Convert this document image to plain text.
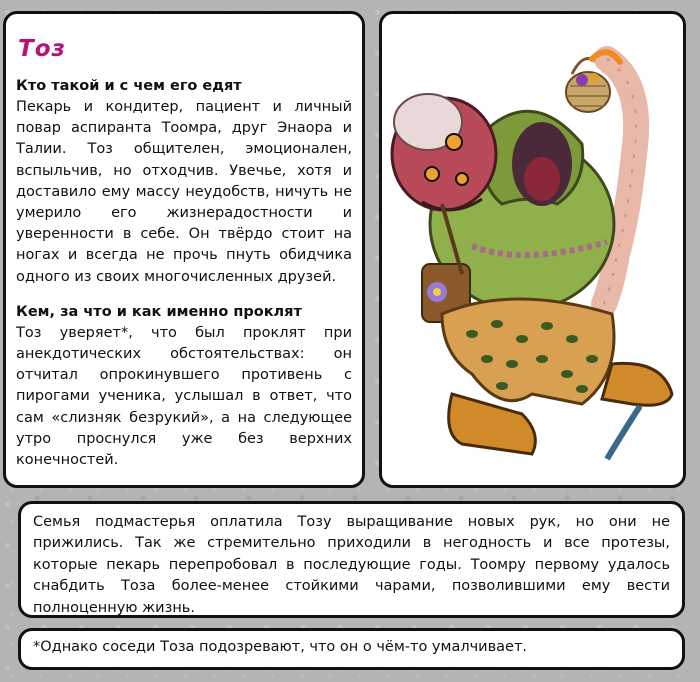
Тоз

Кто такой и с чем его едят

Пекарь и кондитер, пациент и личный повар аспиранта Тоомра, друг Энаора и Талии. Тоз общителен, эмоционален, вспыльчив, но отходчив. Увечье, хотя и доставило ему массу неудобств, ничуть не умерило его жизнерадостности и уверенности в себе. Он твёрдо стоит на ногах и всегда не прочь пнуть обидчика одного из своих многочисленных друзей.

Кем, за что и как именно проклят

Тоз уверяет*, что был проклят при анекдотических обстоятельствах: он отчитал опрокинувшего противень с пирогами ученика, услышал в ответ, что сам «слизняк безрукий», а на следующее утро проснулся уже без верхних конечностей.

Семья подмастерья оплатила Тозу выращивание новых рук, но они не прижились. Так же стремительно приходили в негодность и все протезы, которые пекарь перепробовал в последующие годы. Тоомру первому удалось снабдить Тоза более-менее стойкими чарами, позволившими ему вести полноценную жизнь.

*Однако соседи Тоза подозревают, что он о чём-то умалчивает.
